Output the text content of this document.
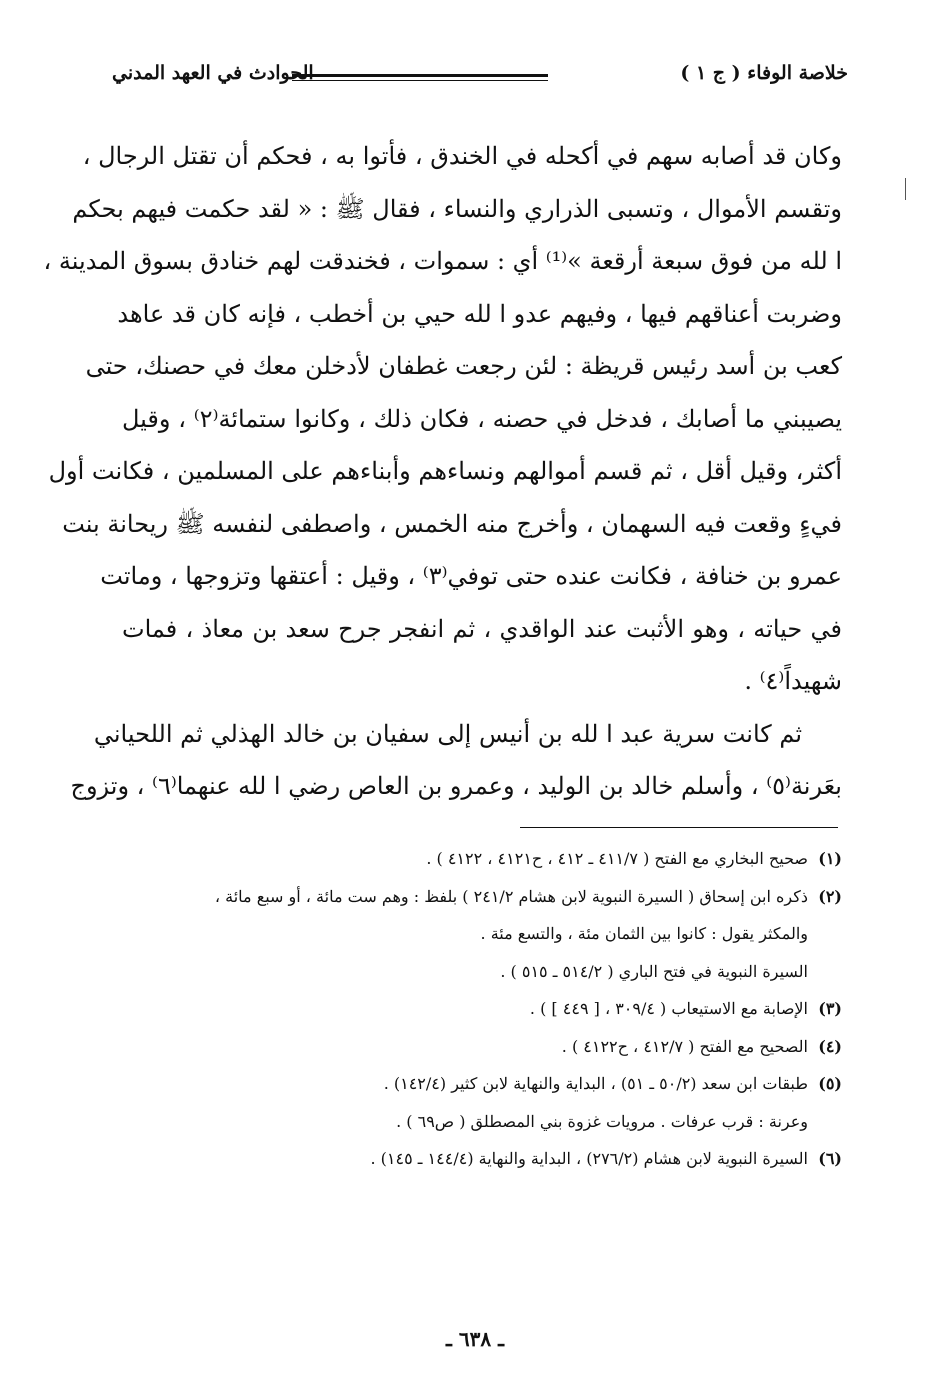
خلاصة الوفاء ( ج ١ )
الحوادث في العهد المدني
وكان قد أصابه سهم في أكحله في الخندق ، فأتوا به ، فحكم أن تقتل الرجال ،
وتقسم الأموال ، وتسبى الذراري والنساء ، فقال ﷺ : « لقد حكمت فيهم بحكم
ا لله من فوق سبعة أرقعة »⁽¹⁾ أي : سموات ، فخندقت لهم خنادق بسوق المدينة ،
وضربت أعناقهم فيها ، وفيهم عدو ا لله حيي بن أخطب ، فإنه كان قد عاهد
كعب بن أسد رئيس قريظة : لئن رجعت غطفان لأدخلن معك في حصنك، حتى
يصيبني ما أصابك ، فدخل في حصنه ، فكان ذلك ، وكانوا ستمائة⁽٢⁾ ، وقيل
أكثر، وقيل أقل ، ثم قسم أموالهم ونساءهم وأبناءهم على المسلمين ، فكانت أول
فيءٍ وقعت فيه السهمان ، وأخرج منه الخمس ، واصطفى لنفسه ﷺ ريحانة بنت
عمرو بن خنافة ، فكانت عنده حتى توفي⁽٣⁾ ، وقيل : أعتقها وتزوجها ، وماتت
في حياته ، وهو الأثبت عند الواقدي ، ثم انفجر جرح سعد بن معاذ ، فمات
شهيداً⁽٤⁾ .
ثم كانت سرية عبد ا لله بن أنيس إلى سفيان بن خالد الهذلي ثم اللحياني
بعَرنة⁽٥⁾ ، وأسلم خالد بن الوليد ، وعمرو بن العاص رضي ا لله عنهما⁽٦⁾ ، وتزوج
(١)صحيح البخاري مع الفتح ( ٤١١/٧ ـ ٤١٢ ، ح٤١٢١ ، ٤١٢٢ ) .
(٢)ذكره ابن إسحاق ( السيرة النبوية لابن هشام ٢٤١/٢ ) بلفظ : وهم ست مائة ، أو سبع مائة ،
والمكثر يقول : كانوا بين الثمان مئة ، والتسع مئة .
السيرة النبوية في فتح الباري ( ٥١٤/٢ ـ ٥١٥ ) .
(٣)الإصابة مع الاستيعاب ( ٣٠٩/٤ ، [ ٤٤٩ ] ) .
(٤)الصحيح مع الفتح ( ٤١٢/٧ ، ح٤١٢٢ ) .
(٥)طبقات ابن سعد (٥٠/٢ ـ ٥١) ، البداية والنهاية لابن كثير (١٤٢/٤) .
وعرنة : قرب عرفات . مرويات غزوة بني المصطلق ( ص٦٩ ) .
(٦)السيرة النبوية لابن هشام (٢٧٦/٢) ، البداية والنهاية (١٤٤/٤ ـ ١٤٥) .
ـ ٦٣٨ ـ
